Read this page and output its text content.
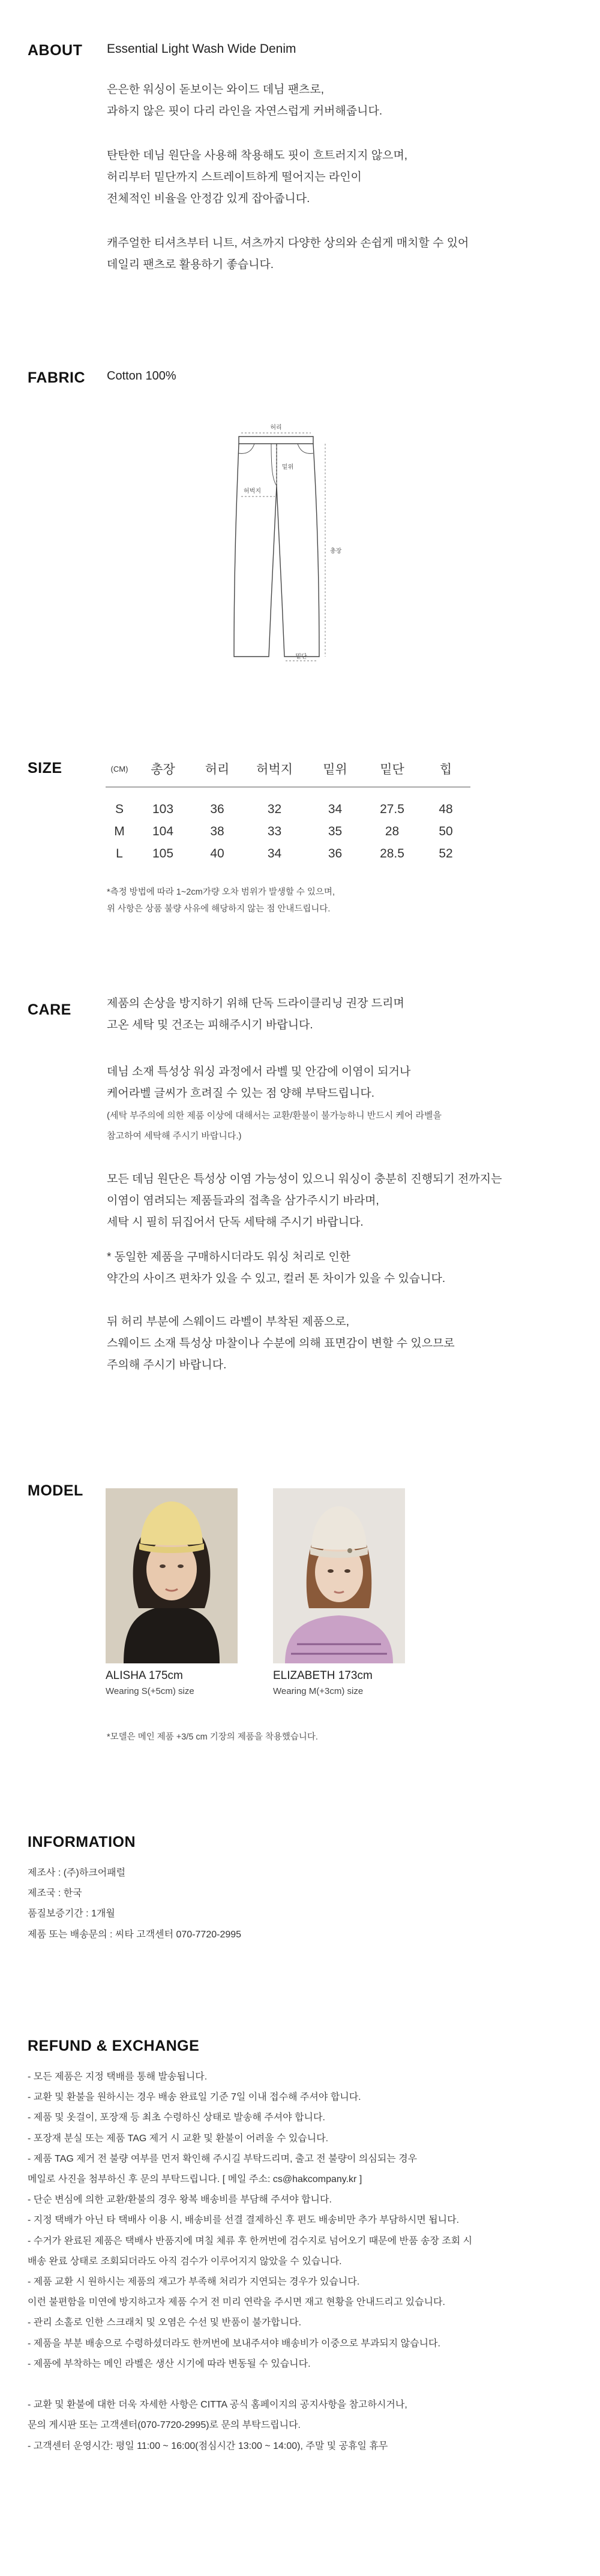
ABOUT Essential Light Wash Wide Denim
은은한 워싱이 돋보이는 와이드 데님 팬츠로,
과하지 않은 핏이 다리 라인을 자연스럽게 커버해줍니다.
탄탄한 데님 원단을 사용해 착용해도 핏이 흐트러지지 않으며,
허리부터 밑단까지 스트레이트하게 떨어지는 라인이
전체적인 비율을 안정감 있게 잡아줍니다.
캐주얼한 티셔츠부터 니트, 셔츠까지 다양한 상의와 손쉽게 매치할 수 있어
데일리 팬츠로 활용하기 좋습니다.
FABRIC Cotton 100%
허리
밑위
허벅지
총장
밑단
SIZE	(CM)	총장	허리	허벅지	밑위	밑단	힙
S	103	36	32	34	27.5	48
M	104	38	33	35	28	50
L	105	40	34	36	28.5	52
*측정 방법에 따라 1~2cm가량 오차 범위가 발생할 수 있으며,
위 사항은 상품 불량 사유에 해당하지 않는 점 안내드립니다.
CARE	제품의 손상을 방지하기 위해 단독 드라이클리닝 권장 드리며
고온 세탁 및 건조는 피해주시기 바랍니다.
데님 소재 특성상 워싱 과정에서 라벨 및 안감에 이염이 되거나
케어라벨 글씨가 흐려질 수 있는 점 양해 부탁드립니다.
(세탁 부주의에 의한 제품 이상에 대해서는 교환/환불이 불가능하니 반드시 케어 라벨을
참고하여 세탁해 주시기 바랍니다.)
모든 데님 원단은 특성상 이염 가능성이 있으니 워싱이 충분히 진행되기 전까지는
이염이 염려되는 제품들과의 접촉을 삼가주시기 바라며,
세탁 시 필히 뒤집어서 단독 세탁해 주시기 바랍니다.
* 동일한 제품을 구매하시더라도 워싱 처리로 인한
약간의 사이즈 편차가 있을 수 있고, 컬러 톤 차이가 있을 수 있습니다.
뒤 허리 부분에 스웨이드 라벨이 부착된 제품으로,
스웨이드 소재 특성상 마찰이나 수분에 의해 표면감이 변할 수 있으므로
주의해 주시기 바랍니다.
MODEL
ALISHA 175cm
Wearing S(+5cm) size
ELIZABETH 173cm
Wearing M(+3cm) size
*모델은 메인 제품 +3/5 cm 기장의 제품을 착용했습니다.
INFORMATION
제조사 : (주)하크어패럴
제조국 : 한국
품질보증기간 : 1개월
제품 또는 배송문의 : 씨타 고객센터 070-7720-2995
REFUND & EXCHANGE
- 모든 제품은 지정 택배를 통해 발송됩니다.
- 교환 및 환불을 원하시는 경우 배송 완료일 기준 7일 이내 접수해 주셔야 합니다.
- 제품 및 옷걸이, 포장재 등 최초 수령하신 상태로 발송해 주셔야 합니다.
- 포장재 분실 또는 제품 TAG 제거 시 교환 및 환불이 어려울 수 있습니다.
- 제품 TAG 제거 전 불량 여부를 먼저 확인해 주시길 부탁드리며, 출고 전 불량이 의심되는 경우
메일로 사진을 첨부하신 후 문의 부탁드립니다. [ 메일 주소: cs@hakcompany.kr ]
- 단순 변심에 의한 교환/환불의 경우 왕복 배송비를 부담해 주셔야 합니다.
- 지정 택배가 아닌 타 택배사 이용 시, 배송비를 선결 결제하신 후 편도 배송비만 추가 부담하시면 됩니다.
- 수거가 완료된 제품은 택배사 반품지에 며칠 체류 후 한꺼번에 검수지로 넘어오기 때문에 반품 송장 조회 시
배송 완료 상태로 조회되더라도 아직 검수가 이루어지지 않았을 수 있습니다.
- 제품 교환 시 원하시는 제품의 재고가 부족해 처리가 지연되는 경우가 있습니다.
이런 불편함을 미연에 방지하고자 제품 수거 전 미리 연락을 주시면 재고 현황을 안내드리고 있습니다.
- 관리 소홀로 인한 스크래치 및 오염은 수선 및 반품이 불가합니다.
- 제품을 부분 배송으로 수령하셨더라도 한꺼번에 보내주셔야 배송비가 이중으로 부과되지 않습니다.
- 제품에 부착하는 메인 라벨은 생산 시기에 따라 변동될 수 있습니다.

- 교환 및 환불에 대한 더욱 자세한 사항은 CITTA 공식 홈페이지의 공지사항을 참고하시거나,
문의 게시판 또는 고객센터(070-7720-2995)로 문의 부탁드립니다.
- 고객센터 운영시간: 평일 11:00 ~ 16:00(점심시간 13:00 ~ 14:00), 주말 및 공휴일 휴무
